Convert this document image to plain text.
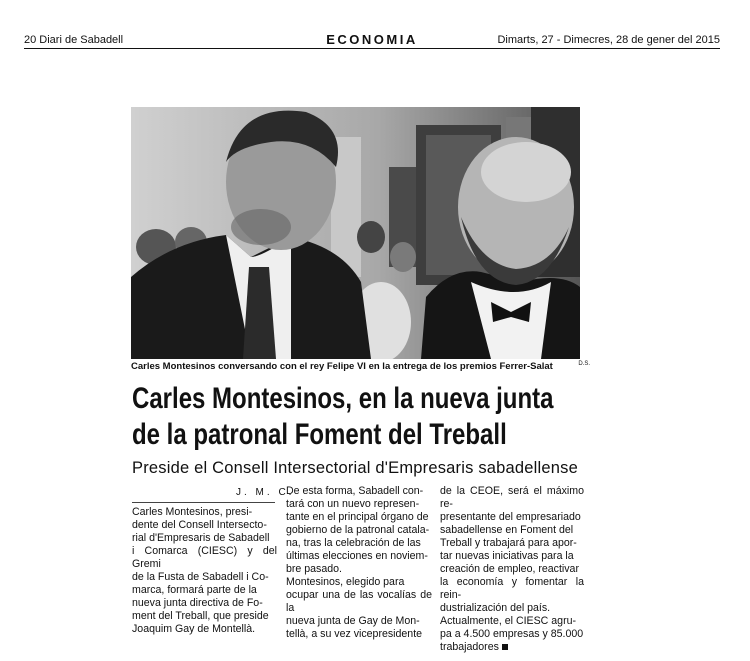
20 Diari de Sabadell	ECONOMIA	Dimarts, 27 - Dimecres, 28 de gener del 2015
Carles Montesinos conversando con el rey Felipe VI en la entrega de los premios Ferrer-Salat	D.S.
Carles Montesinos, en la nueva junta
de la patronal Foment del Treball
Preside el Consell Intersectorial d'Empresaris sabadellense
J. M. C.
Carles Montesinos, presi-
dente del Consell Intersecto-
rial d'Empresaris de Sabadell
i Comarca (CIESC) y del Gremi
de la Fusta de Sabadell i Co-
marca, formará parte de la
nueva junta directiva de Fo-
ment del Treball, que preside
Joaquim Gay de Montellà.
De esta forma, Sabadell con-
tará con un nuevo represen-
tante en el principal órgano de
gobierno de la patronal catala-
na, tras la celebración de las
últimas elecciones en noviem-
bre pasado.
Montesinos, elegido para
ocupar una de las vocalías de la
nueva junta de Gay de Mon-
tellà, a su vez vicepresidente
de la CEOE, será el máximo re-
presentante del empresariado
sabadellense en Foment del
Treball y trabajará para apor-
tar nuevas iniciativas para la
creación de empleo, reactivar
la economía y fomentar la rein-
dustrialización del país.
Actualmente, el CIESC agru-
pa a 4.500 empresas y 85.000
trabajadores
